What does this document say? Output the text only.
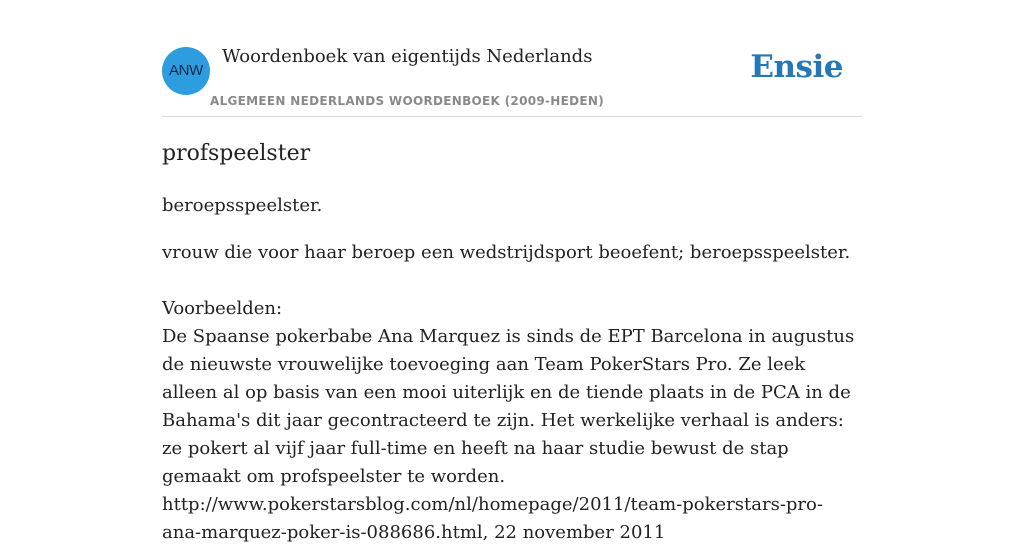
ANW
Woordenboek van eigentijds Nederlands
ALGEMEEN NEDERLANDS WOORDENBOEK (2009-HEDEN)
Ensie
profspeelster

beroepsspeelster.

vrouw die voor haar beroep een wedstrijdsport beoefent; beroepsspeelster.

Voorbeelden:

De Spaanse pokerbabe Ana Marquez is sinds de EPT Barcelona in augustus de nieuwste vrouwelijke toevoeging aan Team PokerStars Pro. Ze leek alleen al op basis van een mooi uiterlijk en de tiende plaats in de PCA in de Bahama's dit jaar gecontracteerd te zijn. Het werkelijke verhaal is anders: ze pokert al vijf jaar full-time en heeft na haar studie bewust de stap gemaakt om profspeelster te worden.

http://www.pokerstarsblog.com/nl/homepage/2011/team-pokerstars-pro-ana-marquez-poker-is-088686.html, 22 november 2011
